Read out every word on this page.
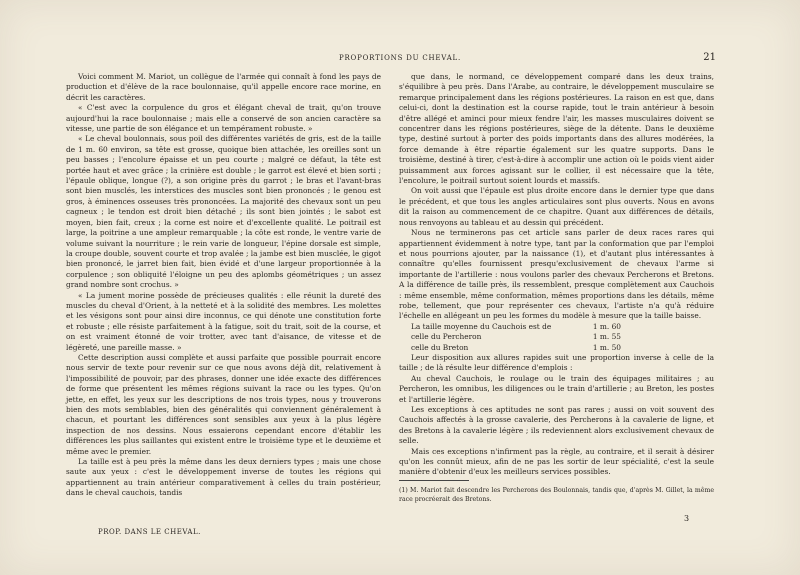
PROPORTIONS DU CHEVAL.	21

Voici comment M. Mariot, un collègue de l'armée qui connaît à fond les pays de production et d'élève de la race boulonnaise, qu'il appelle encore race morine, en décrit les caractères.

« C'est avec la corpulence du gros et élégant cheval de trait, qu'on trouve aujourd'hui la race boulonnaise ; mais elle a conservé de son ancien caractère sa vitesse, une partie de son élégance et un tempérament robuste. »

« Le cheval boulonnais, sous poil des différentes variétés de gris, est de la taille de 1 m. 60 environ, sa tête est grosse, quoique bien attachée, les oreilles sont un peu basses ; l'encolure épaisse et un peu courte ; malgré ce défaut, la tête est portée haut et avec grâce ; la crinière est double ; le garrot est élevé et bien sorti ; l'épaule oblique, longue (?), a son origine près du garrot ; le bras et l'avant-bras sont bien musclés, les interstices des muscles sont bien prononcés ; le genou est gros, à éminences osseuses très prononcées. La majorité des chevaux sont un peu cagneux ; le tendon est droit bien détaché ; ils sont bien jointés ; le sabot est moyen, bien fait, creux ; la corne est noire et d'excellente qualité. Le poitrail est large, la poitrine a une ampleur remarquable ; la côte est ronde, le ventre varie de volume suivant la nourriture ; le rein varie de longueur, l'épine dorsale est simple, la croupe double, souvent courte et trop avalée ; la jambe est bien musclée, le gigot bien prononcé, le jarret bien fait, bien évidé et d'une largeur proportionnée à la corpulence ; son obliquité l'éloigne un peu des aplombs géométriques ; un assez grand nombre sont crochus. »

« La jument morine possède de précieuses qualités : elle réunit la dureté des muscles du cheval d'Orient, à la netteté et à la solidité des membres. Les molettes et les vésigons sont pour ainsi dire inconnus, ce qui dénote une constitution forte et robuste ; elle résiste parfaitement à la fatigue, soit du trait, soit de la course, et on est vraiment étonné de voir trotter, avec tant d'aisance, de vitesse et de légèreté, une pareille masse. »

Cette description aussi complète et aussi parfaite que possible pourrait encore nous servir de texte pour revenir sur ce que nous avons déjà dit, relativement à l'impossibilité de pouvoir, par des phrases, donner une idée exacte des différences de forme que présentent les mêmes régions suivant la race ou les types. Qu'on jette, en effet, les yeux sur les descriptions de nos trois types, nous y trouverons bien des mots semblables, bien des généralités qui conviennent généralement à chacun, et pourtant les différences sont sensibles aux yeux à la plus légère inspection de nos dessins. Nous essaierons cependant encore d'établir les différences les plus saillantes qui existent entre le troisième type et le deuxième et même avec le premier.

La taille est à peu près la même dans les deux derniers types ; mais une chose saute aux yeux : c'est le développement inverse de toutes les régions qui appartiennent au train antérieur comparativement à celles du train postérieur, dans le cheval cauchois, tandis

que dans, le normand, ce développement comparé dans les deux trains, s'équilibre à peu près. Dans l'Arabe, au contraire, le développement musculaire se remarque principalement dans les régions postérieures. La raison en est que, dans celui-ci, dont la destination est la course rapide, tout le train antérieur à besoin d'être allégé et aminci pour mieux fendre l'air, les masses musculaires doivent se concentrer dans les régions postérieures, siège de la détente. Dans le deuxième type, destiné surtout à porter des poids importants dans des allures modérées, la force demande à être répartie également sur les quatre supports. Dans le troisième, destiné à tirer, c'est-à-dire à accomplir une action où le poids vient aider puissamment aux forces agissant sur le collier, il est nécessaire que la tête, l'encolure, le poitrail surtout soient lourds et massifs.

On voit aussi que l'épaule est plus droite encore dans le dernier type que dans le précédent, et que tous les angles articulaires sont plus ouverts. Nous en avons dit la raison au commencement de ce chapitre. Quant aux différences de détails, nous renvoyons au tableau et au dessin qui précédent.

Nous ne terminerons pas cet article sans parler de deux races rares qui appartiennent évidemment à notre type, tant par la conformation que par l'emploi et nous pourrions ajouter, par la naissance (1), et d'autant plus intéressantes à connaître qu'elles fournissent presqu'exclusivement de chevaux l'arme si importante de l'artillerie : nous voulons parler des chevaux Percherons et Bretons. A la différence de taille près, ils ressemblent, presque complètement aux Cauchois : même ensemble, même conformation, mêmes proportions dans les détails, même robe, tellement, que pour représenter ces chevaux, l'artiste n'a qu'à réduire l'échelle en allégeant un peu les formes du modèle à mesure que la taille baisse.

La taille moyenne du Cauchois est de	1 m. 60
celle du Percheron	1 m. 55
celle du Breton	1 m. 50

Leur disposition aux allures rapides suit une proportion inverse à celle de la taille ; de là résulte leur différence d'emplois :

Au cheval Cauchois, le roulage ou le train des équipages militaires ; au Percheron, les omnibus, les diligences ou le train d'artillerie ; au Breton, les postes et l'artillerie légère.

Les exceptions à ces aptitudes ne sont pas rares ; aussi on voit souvent des Cauchois affectés à la grosse cavalerie, des Percherons à la cavalerie de ligne, et des Bretons à la cavalerie légère ; ils redeviennent alors exclusivement chevaux de selle.

Mais ces exceptions n'infirment pas la règle, au contraire, et il serait à désirer qu'on les connût mieux, afin de ne pas les sortir de leur spécialité, c'est la seule manière d'obtenir d'eux les meilleurs services possibles.

(1) M. Mariot fait descendre les Percherons des Boulonnais, tandis que, d'après M. Gillet, la même race procréerait des Bretons.
3
PROP. DANS LE CHEVAL.
